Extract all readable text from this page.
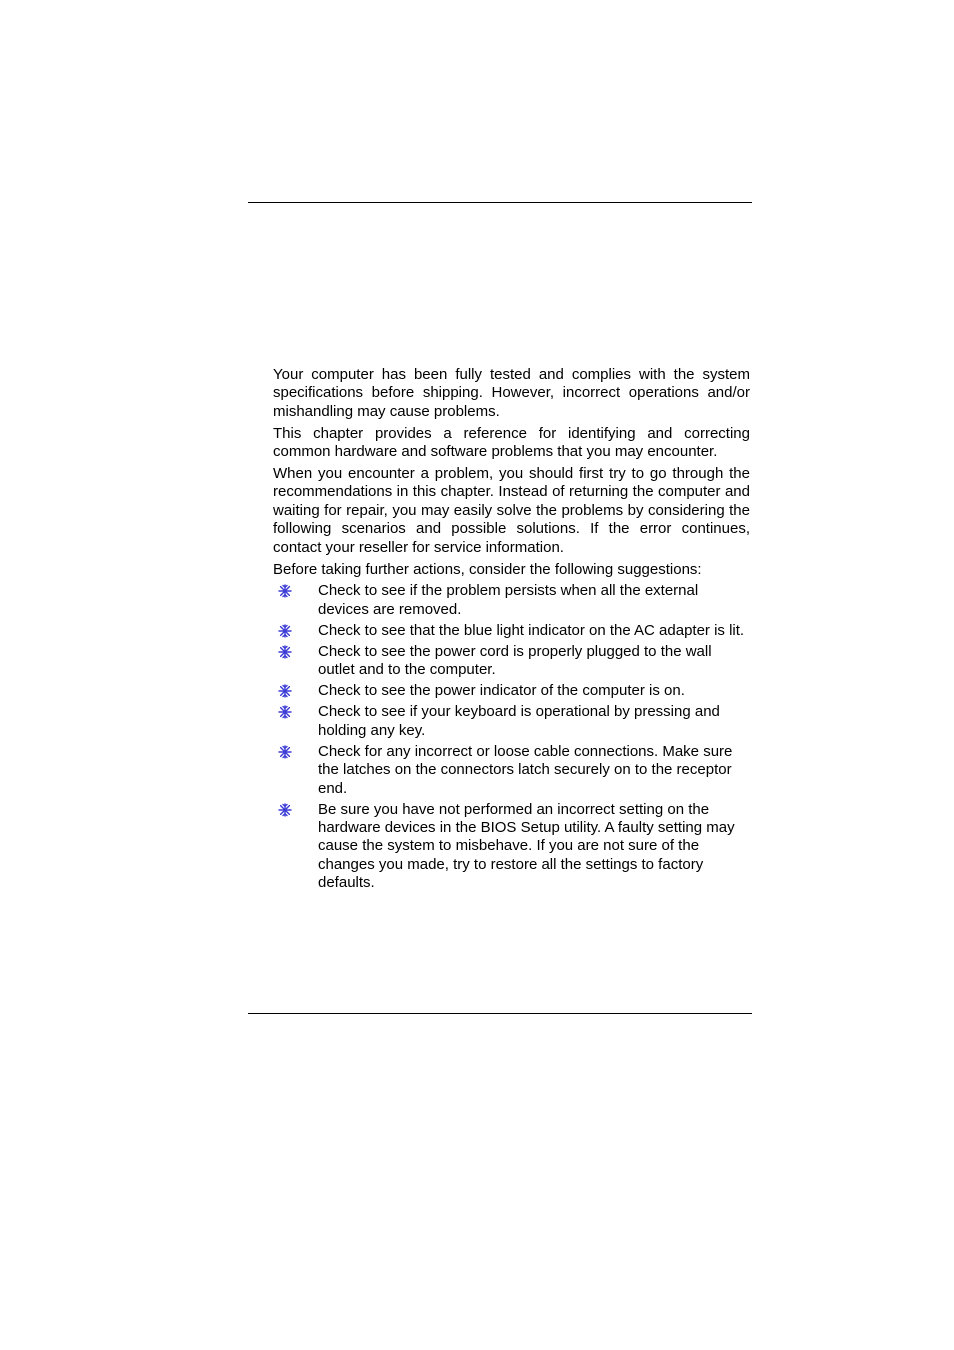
Your computer has been fully tested and complies with the system specifications before shipping. However, incorrect operations and/or mishandling may cause problems.

This chapter provides a reference for identifying and correcting common hardware and software problems that you may encounter.

When you encounter a problem, you should first try to go through the recommendations in this chapter. Instead of returning the computer and waiting for repair, you may easily solve the problems by considering the following scenarios and possible solutions. If the error continues, contact your reseller for service information.

Before taking further actions, consider the following suggestions:

Check to see if the problem persists when all the external devices are removed.
Check to see that the blue light indicator on the AC adapter is lit.
Check to see the power cord is properly plugged to the wall outlet and to the computer.
Check to see the power indicator of the computer is on.
Check to see if your keyboard is operational by pressing and holding any key.
Check for any incorrect or loose cable connections. Make sure the latches on the connectors latch securely on to the receptor end.
Be sure you have not performed an incorrect setting on the hardware devices in the BIOS Setup utility. A faulty setting may cause the system to misbehave. If you are not sure of the changes you made, try to restore all the settings to factory defaults.
